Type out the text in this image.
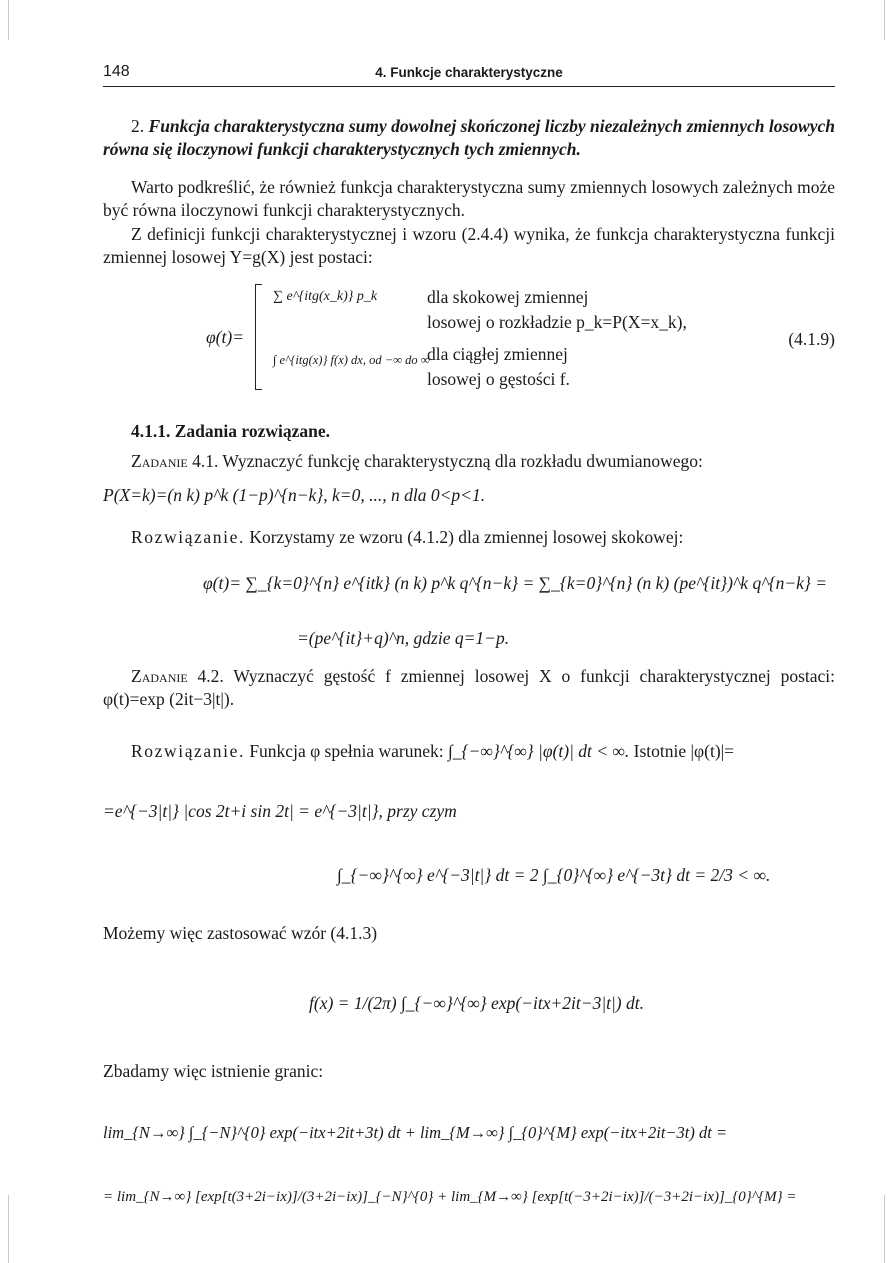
148	4. Funkcje charakterystyczne
2. Funkcja charakterystyczna sumy dowolnej skończonej liczby niezależnych zmiennych losowych równa się iloczynowi funkcji charakterystycznych tych zmiennych.
Warto podkreślić, że również funkcja charakterystyczna sumy zmiennych losowych zależnych może być równa iloczynowi funkcji charakterystycznych.
Z definicji funkcji charakterystycznej i wzoru (2.4.4) wynika, że funkcja charakterystyczna funkcji zmiennej losowej Y=g(X) jest postaci:
φ(t)=
∑ e^{itg(x_k)} p_k	dla skokowej zmiennej
losowej o rozkładzie p_k=P(X=x_k),
∫ e^{itg(x)} f(x) dx, od −∞ do ∞
dla ciągłej zmiennej
losowej o gęstości f.
(4.1.9)
4.1.1. Zadania rozwiązane.
Zadanie 4.1. Wyznaczyć funkcję charakterystyczną dla rozkładu dwumianowego:
P(X=k)=(n k) p^k (1−p)^{n−k}, k=0, ..., n dla 0<p<1.
Rozwiązanie. Korzystamy ze wzoru (4.1.2) dla zmiennej losowej skokowej:
φ(t)= ∑_{k=0}^{n} e^{itk} (n k) p^k q^{n−k} = ∑_{k=0}^{n} (n k) (pe^{it})^k q^{n−k} =
=(pe^{it}+q)^n, gdzie q=1−p.
Zadanie 4.2. Wyznaczyć gęstość f zmiennej losowej X o funkcji charakterystycznej postaci: φ(t)=exp (2it−3|t|).
Rozwiązanie. Funkcja φ spełnia warunek: ∫_{−∞}^{∞} |φ(t)| dt < ∞. Istotnie |φ(t)|=
=e^{−3|t|} |cos 2t+i sin 2t| = e^{−3|t|}, przy czym
∫_{−∞}^{∞} e^{−3|t|} dt = 2 ∫_{0}^{∞} e^{−3t} dt = 2/3 < ∞.
Możemy więc zastosować wzór (4.1.3)
f(x) = 1/(2π) ∫_{−∞}^{∞} exp(−itx+2it−3|t|) dt.
Zbadamy więc istnienie granic:
lim_{N→∞} ∫_{−N}^{0} exp(−itx+2it+3t) dt + lim_{M→∞} ∫_{0}^{M} exp(−itx+2it−3t) dt =
= lim_{N→∞} [exp[t(3+2i−ix)]/(3+2i−ix)]_{−N}^{0} + lim_{M→∞} [exp[t(−3+2i−ix)]/(−3+2i−ix)]_{0}^{M} =
